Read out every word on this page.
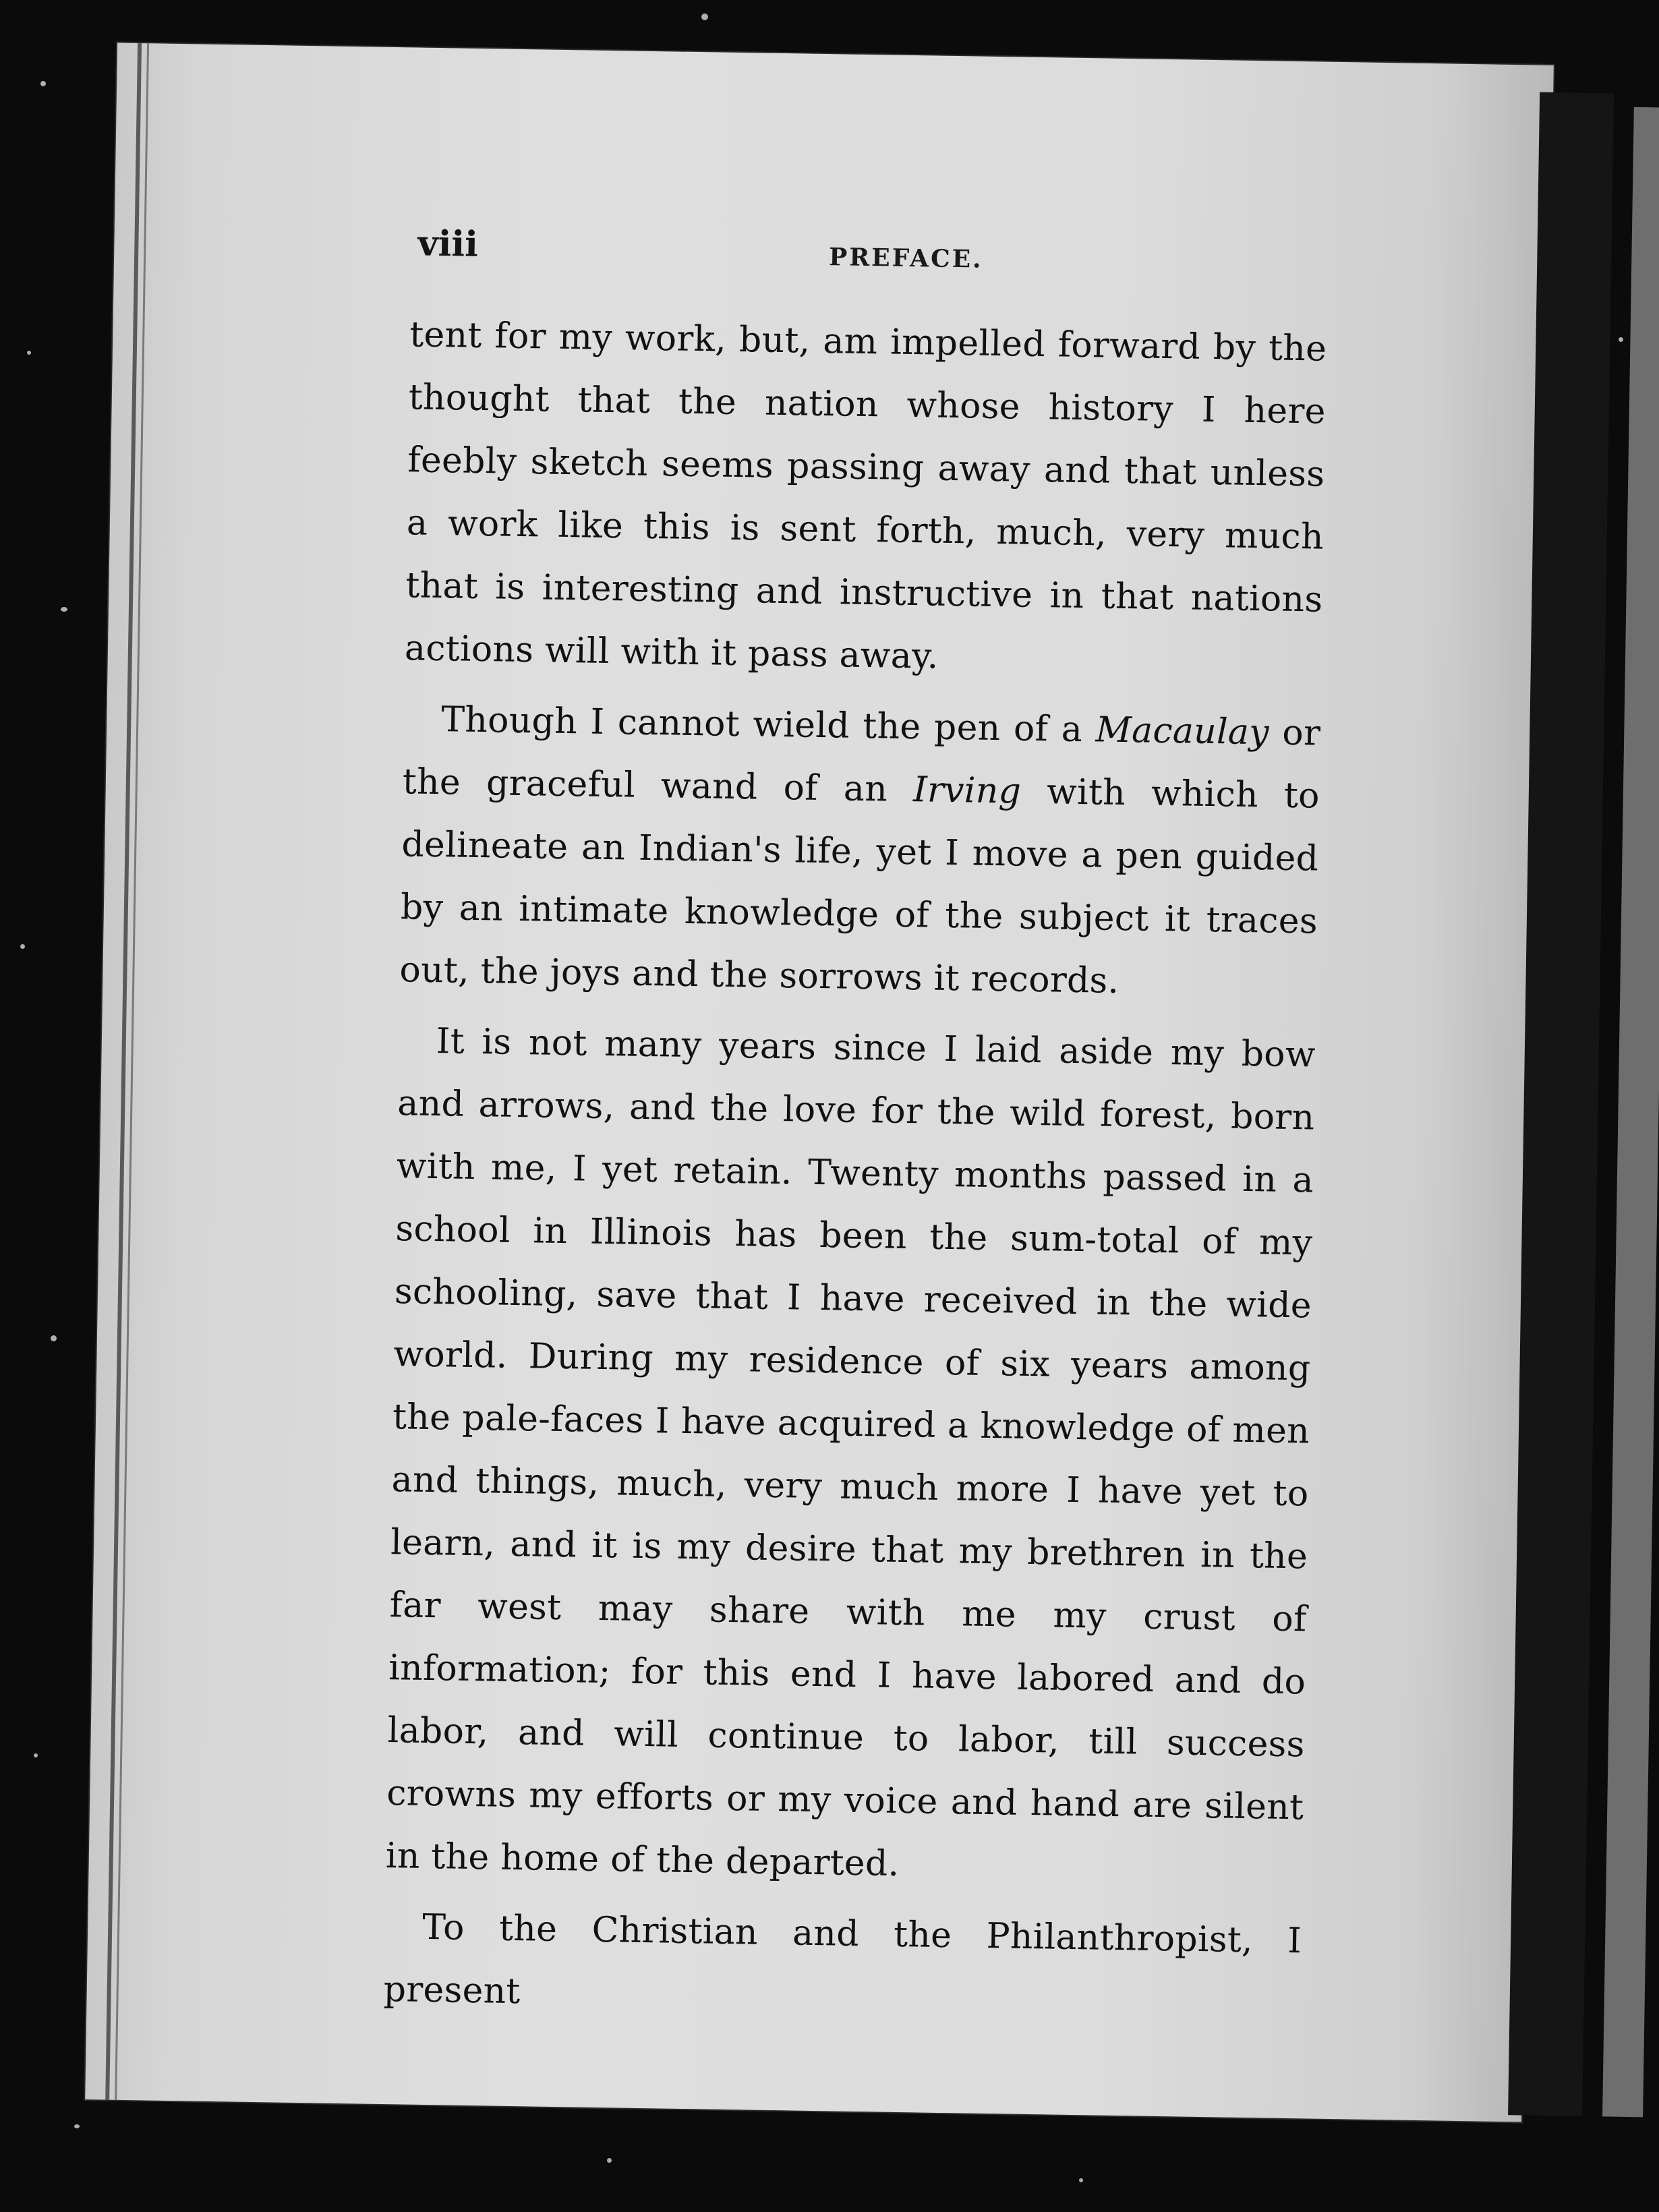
viii	PREFACE.

tent for my work, but, am impelled forward by the thought that the nation whose history I here feebly sketch seems passing away and that unless a work like this is sent forth, much, very much that is interesting and instructive in that nations actions will with it pass away.

Though I cannot wield the pen of a Macaulay or the graceful wand of an Irving with which to delineate an Indian's life, yet I move a pen guided by an intimate knowledge of the subject it traces out, the joys and the sorrows it records.

It is not many years since I laid aside my bow and arrows, and the love for the wild forest, born with me, I yet retain. Twenty months passed in a school in Illinois has been the sum-total of my schooling, save that I have received in the wide world. During my residence of six years among the pale-faces I have acquired a knowledge of men and things, much, very much more I have yet to learn, and it is my desire that my brethren in the far west may share with me my crust of information; for this end I have labored and do labor, and will continue to labor, till success crowns my efforts or my voice and hand are silent in the home of the departed.

To the Christian and the Philanthropist, I present
